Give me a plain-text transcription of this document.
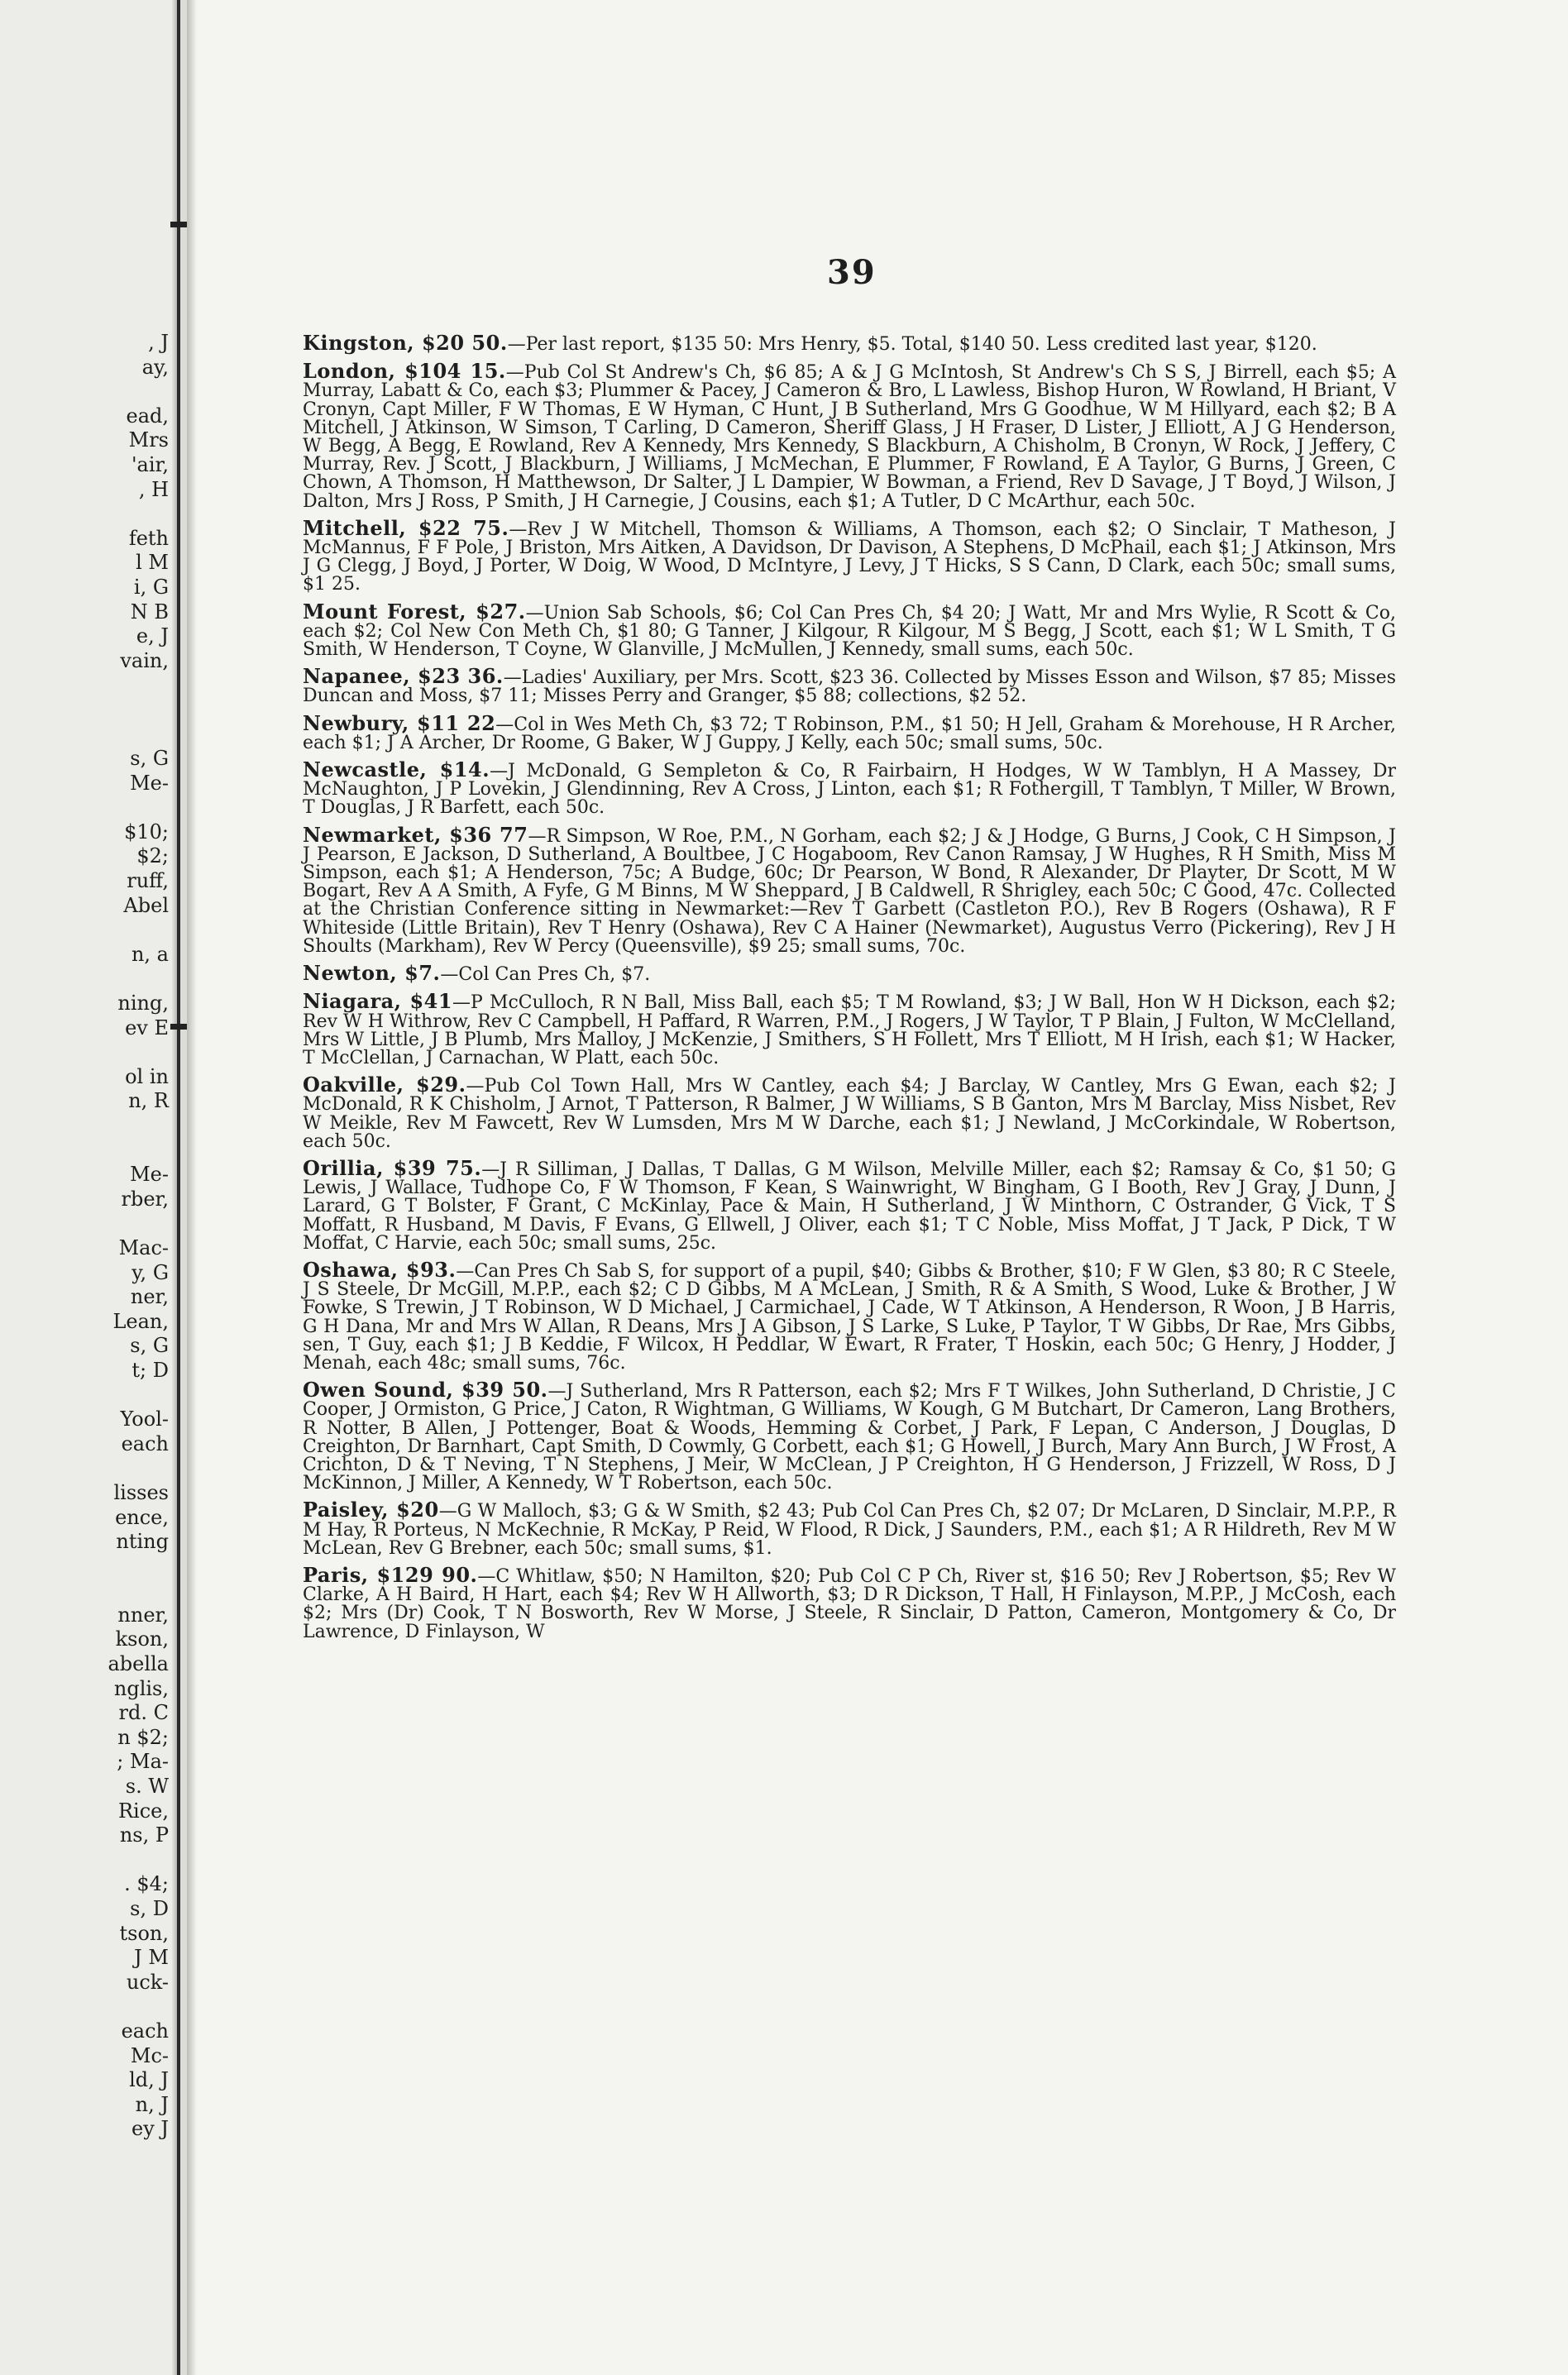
, J
ay,

ead,
Mrs
'air,
, H

feth
l M
i, G
N B
e, J
vain,

s, G
Me-

$10;
$2;
ruff,
Abel

n, a

ning,
ev E

ol in
n, R

Me-
rber,

Mac-
y, G
ner,
Lean,
s, G
t; D

Yool-
each

lisses
ence,
nting

nner,
kson,
abella
nglis,
rd. C
n $2;
; Ma-
s. W
Rice,
ns, P

. $4;
s, D
tson,
J M
uck-

each
Mc-
ld, J
n, J
ey J
39
Kingston, $20 50.—Per last report, $135 50: Mrs Henry, $5. Total, $140 50. Less credited last year, $120.
London, $104 15.—Pub Col St Andrew's Ch, $6 85; A & J G McIntosh, St Andrew's Ch S S, J Birrell, each $5; A Murray, Labatt & Co, each $3; Plummer & Pacey, J Cameron & Bro, L Lawless, Bishop Huron, W Rowland, H Briant, V Cronyn, Capt Miller, F W Thomas, E W Hyman, C Hunt, J B Sutherland, Mrs G Goodhue, W M Hillyard, each $2; B A Mitchell, J Atkinson, W Simson, T Carling, D Cameron, Sheriff Glass, J H Fraser, D Lister, J Elliott, A J G Henderson, W Begg, A Begg, E Rowland, Rev A Kennedy, Mrs Kennedy, S Blackburn, A Chisholm, B Cronyn, W Rock, J Jeffery, C Murray, Rev. J Scott, J Blackburn, J Williams, J McMechan, E Plummer, F Rowland, E A Taylor, G Burns, J Green, C Chown, A Thomson, H Matthewson, Dr Salter, J L Dampier, W Bowman, a Friend, Rev D Savage, J T Boyd, J Wilson, J Dalton, Mrs J Ross, P Smith, J H Carnegie, J Cousins, each $1; A Tutler, D C McArthur, each 50c.
Mitchell, $22 75.—Rev J W Mitchell, Thomson & Williams, A Thomson, each $2; O Sinclair, T Matheson, J McMannus, F F Pole, J Briston, Mrs Aitken, A Davidson, Dr Davison, A Stephens, D McPhail, each $1; J Atkinson, Mrs J G Clegg, J Boyd, J Porter, W Doig, W Wood, D McIntyre, J Levy, J T Hicks, S S Cann, D Clark, each 50c; small sums, $1 25.
Mount Forest, $27.—Union Sab Schools, $6; Col Can Pres Ch, $4 20; J Watt, Mr and Mrs Wylie, R Scott & Co, each $2; Col New Con Meth Ch, $1 80; G Tanner, J Kilgour, R Kilgour, M S Begg, J Scott, each $1; W L Smith, T G Smith, W Henderson, T Coyne, W Glanville, J McMullen, J Kennedy, small sums, each 50c.
Napanee, $23 36.—Ladies' Auxiliary, per Mrs. Scott, $23 36. Collected by Misses Esson and Wilson, $7 85; Misses Duncan and Moss, $7 11; Misses Perry and Granger, $5 88; collections, $2 52.
Newbury, $11 22—Col in Wes Meth Ch, $3 72; T Robinson, P.M., $1 50; H Jell, Graham & Morehouse, H R Archer, each $1; J A Archer, Dr Roome, G Baker, W J Guppy, J Kelly, each 50c; small sums, 50c.
Newcastle, $14.—J McDonald, G Sempleton & Co, R Fairbairn, H Hodges, W W Tamblyn, H A Massey, Dr McNaughton, J P Lovekin, J Glendinning, Rev A Cross, J Linton, each $1; R Fothergill, T Tamblyn, T Miller, W Brown, T Douglas, J R Barfett, each 50c.
Newmarket, $36 77—R Simpson, W Roe, P.M., N Gorham, each $2; J & J Hodge, G Burns, J Cook, C H Simpson, J J Pearson, E Jackson, D Sutherland, A Boultbee, J C Hogaboom, Rev Canon Ramsay, J W Hughes, R H Smith, Miss M Simpson, each $1; A Henderson, 75c; A Budge, 60c; Dr Pearson, W Bond, R Alexander, Dr Playter, Dr Scott, M W Bogart, Rev A A Smith, A Fyfe, G M Binns, M W Sheppard, J B Caldwell, R Shrigley, each 50c; C Good, 47c. Collected at the Christian Conference sitting in Newmarket:—Rev T Garbett (Castleton P.O.), Rev B Rogers (Oshawa), R F Whiteside (Little Britain), Rev T Henry (Oshawa), Rev C A Hainer (Newmarket), Augustus Verro (Pickering), Rev J H Shoults (Markham), Rev W Percy (Queensville), $9 25; small sums, 70c.
Newton, $7.—Col Can Pres Ch, $7.
Niagara, $41—P McCulloch, R N Ball, Miss Ball, each $5; T M Rowland, $3; J W Ball, Hon W H Dickson, each $2; Rev W H Withrow, Rev C Campbell, H Paffard, R Warren, P.M., J Rogers, J W Taylor, T P Blain, J Fulton, W McClelland, Mrs W Little, J B Plumb, Mrs Malloy, J McKenzie, J Smithers, S H Follett, Mrs T Elliott, M H Irish, each $1; W Hacker, T McClellan, J Carnachan, W Platt, each 50c.
Oakville, $29.—Pub Col Town Hall, Mrs W Cantley, each $4; J Barclay, W Cantley, Mrs G Ewan, each $2; J McDonald, R K Chisholm, J Arnot, T Patterson, R Balmer, J W Williams, S B Ganton, Mrs M Barclay, Miss Nisbet, Rev W Meikle, Rev M Fawcett, Rev W Lumsden, Mrs M W Darche, each $1; J Newland, J McCorkindale, W Robertson, each 50c.
Orillia, $39 75.—J R Silliman, J Dallas, T Dallas, G M Wilson, Melville Miller, each $2; Ramsay & Co, $1 50; G Lewis, J Wallace, Tudhope Co, F W Thomson, F Kean, S Wainwright, W Bingham, G I Booth, Rev J Gray, J Dunn, J Larard, G T Bolster, F Grant, C McKinlay, Pace & Main, H Sutherland, J W Minthorn, C Ostrander, G Vick, T S Moffatt, R Husband, M Davis, F Evans, G Ellwell, J Oliver, each $1; T C Noble, Miss Moffat, J T Jack, P Dick, T W Moffat, C Harvie, each 50c; small sums, 25c.
Oshawa, $93.—Can Pres Ch Sab S, for support of a pupil, $40; Gibbs & Brother, $10; F W Glen, $3 80; R C Steele, J S Steele, Dr McGill, M.P.P., each $2; C D Gibbs, M A McLean, J Smith, R & A Smith, S Wood, Luke & Brother, J W Fowke, S Trewin, J T Robinson, W D Michael, J Carmichael, J Cade, W T Atkinson, A Henderson, R Woon, J B Harris, G H Dana, Mr and Mrs W Allan, R Deans, Mrs J A Gibson, J S Larke, S Luke, P Taylor, T W Gibbs, Dr Rae, Mrs Gibbs, sen, T Guy, each $1; J B Keddie, F Wilcox, H Peddlar, W Ewart, R Frater, T Hoskin, each 50c; G Henry, J Hodder, J Menah, each 48c; small sums, 76c.
Owen Sound, $39 50.—J Sutherland, Mrs R Patterson, each $2; Mrs F T Wilkes, John Sutherland, D Christie, J C Cooper, J Ormiston, G Price, J Caton, R Wightman, G Williams, W Kough, G M Butchart, Dr Cameron, Lang Brothers, R Notter, B Allen, J Pottenger, Boat & Woods, Hemming & Corbet, J Park, F Lepan, C Anderson, J Douglas, D Creighton, Dr Barnhart, Capt Smith, D Cowmly, G Corbett, each $1; G Howell, J Burch, Mary Ann Burch, J W Frost, A Crichton, D & T Neving, T N Stephens, J Meir, W McClean, J P Creighton, H G Henderson, J Frizzell, W Ross, D J McKinnon, J Miller, A Kennedy, W T Robertson, each 50c.
Paisley, $20—G W Malloch, $3; G & W Smith, $2 43; Pub Col Can Pres Ch, $2 07; Dr McLaren, D Sinclair, M.P.P., R M Hay, R Porteus, N McKechnie, R McKay, P Reid, W Flood, R Dick, J Saunders, P.M., each $1; A R Hildreth, Rev M W McLean, Rev G Brebner, each 50c; small sums, $1.
Paris, $129 90.—C Whitlaw, $50; N Hamilton, $20; Pub Col C P Ch, River st, $16 50; Rev J Robertson, $5; Rev W Clarke, A H Baird, H Hart, each $4; Rev W H Allworth, $3; D R Dickson, T Hall, H Finlayson, M.P.P., J McCosh, each $2; Mrs (Dr) Cook, T N Bosworth, Rev W Morse, J Steele, R Sinclair, D Patton, Cameron, Montgomery & Co, Dr Lawrence, D Finlayson, W
